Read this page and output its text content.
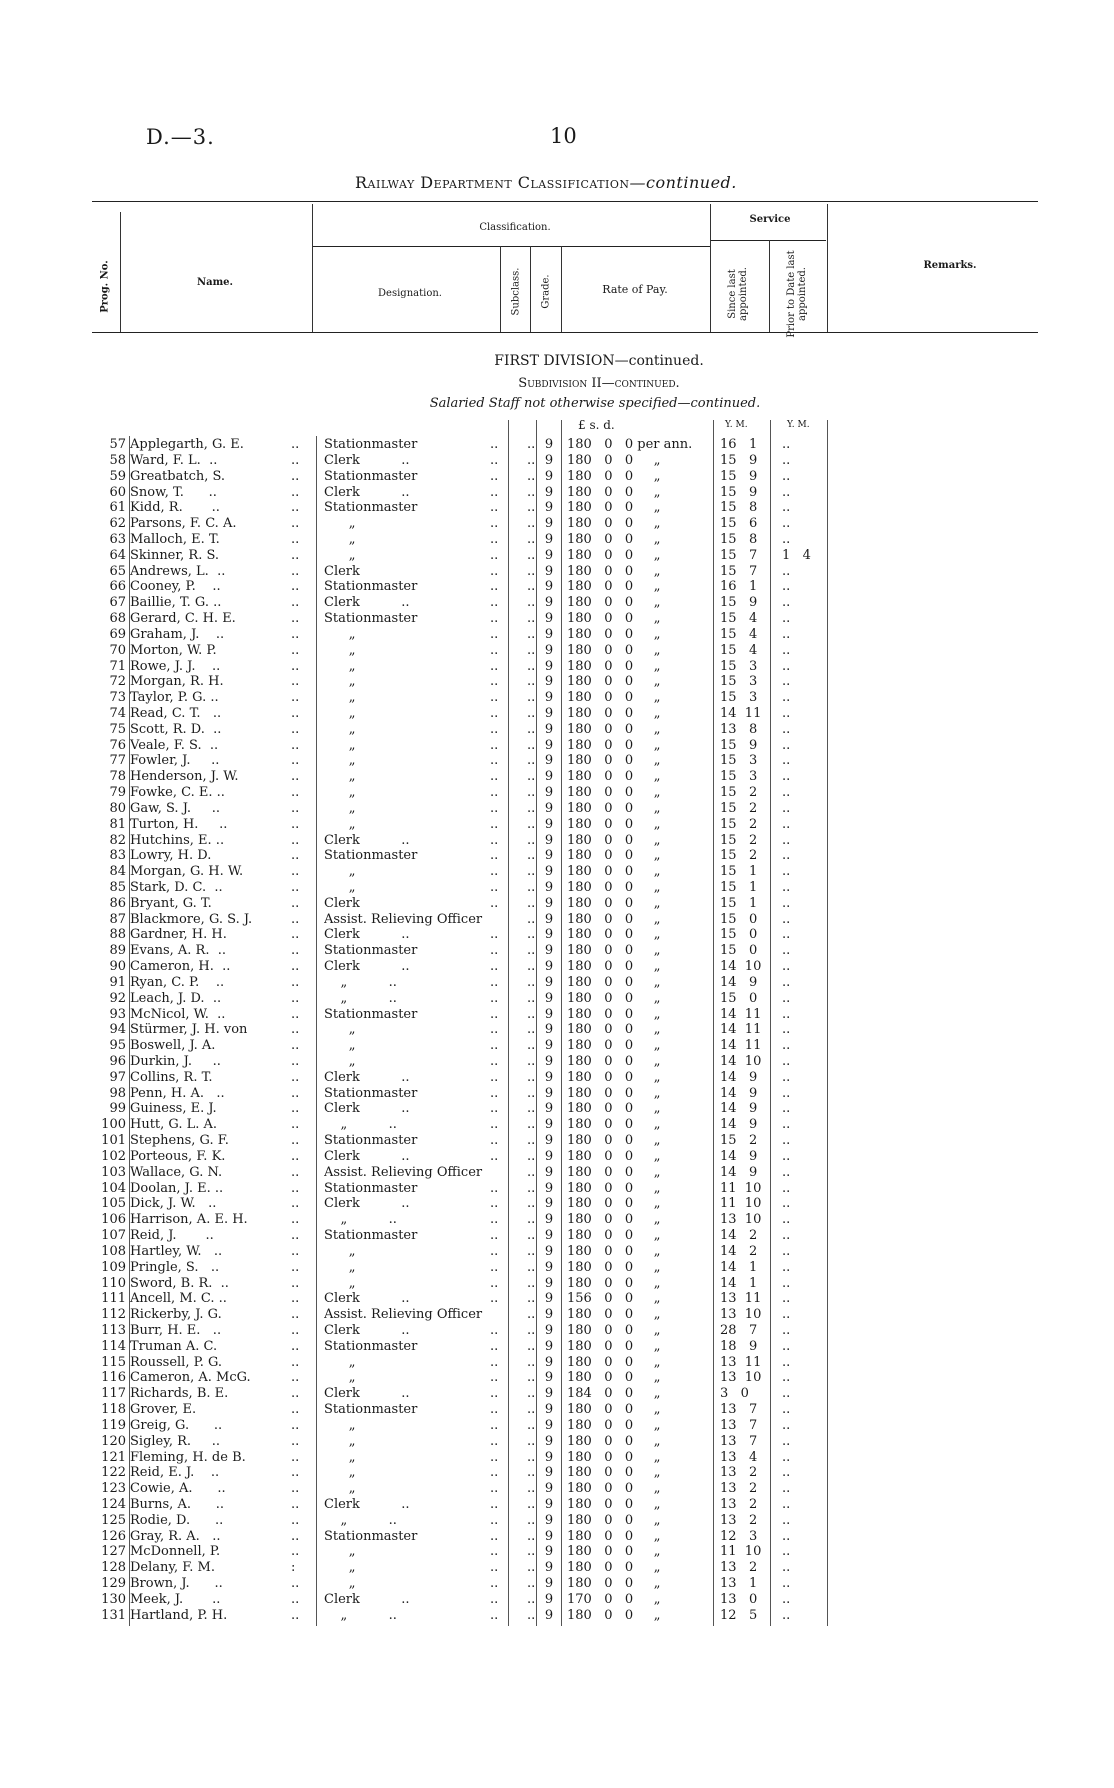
D.—3.	10
Railway Department Classification—continued.
Prog. No.	Name.
Classification.
Designation.	Subclass. Grade.	Rate of Pay.
Service
Since last appointed.	Prior to Date last appointed.
Remarks.
FIRST DIVISION—continued.
Subdivision II—continued.
Salaried Staff not otherwise specified—continued.
£ s. d.	Y. M.	Y. M.
57 Applegarth, G. E.	.. Stationmaster	.. .. 9 180   0   0 per ann.	16   1	..
58 Ward, F. L.  ..	.. Clerk          ..	.. .. 9 180   0   0     „	15   9	..
59 Greatbatch, S.	.. Stationmaster	.. .. 9 180   0   0     „	15   9	..
60 Snow, T.      ..	.. Clerk          ..	.. .. 9 180   0   0     „	15   9	..
61 Kidd, R.       ..	.. Stationmaster	.. .. 9 180   0   0     „	15   8	..
62 Parsons, F. C. A.	.. „	.. .. 9 180   0   0     „	15   6	..
63 Malloch, E. T.	.. „	.. .. 9 180   0   0     „	15   8	..
64 Skinner, R. S.	.. „	.. .. 9 180   0   0     „	15   7	1   4
65 Andrews, L.  ..	.. Clerk	.. .. 9 180   0   0     „	15   7	..
66 Cooney, P.    ..	.. Stationmaster	.. .. 9 180   0   0     „	16   1	..
67 Baillie, T. G. ..	.. Clerk          ..	.. .. 9 180   0   0     „	15   9	..
68 Gerard, C. H. E.	.. Stationmaster	.. .. 9 180   0   0     „	15   4	..
69 Graham, J.    ..	.. „	.. .. 9 180   0   0     „	15   4	..
70 Morton, W. P.	.. „	.. .. 9 180   0   0     „	15   4	..
71 Rowe, J. J.    ..	.. „	.. .. 9 180   0   0     „	15   3	..
72 Morgan, R. H.	.. „	.. .. 9 180   0   0     „	15   3	..
73 Taylor, P. G. ..	.. „	.. .. 9 180   0   0     „	15   3	..
74 Read, C. T.   ..	.. „	.. .. 9 180   0   0     „	14  11	..
75 Scott, R. D.  ..	.. „	.. .. 9 180   0   0     „	13   8	..
76 Veale, F. S.  ..	.. „	.. .. 9 180   0   0     „	15   9	..
77 Fowler, J.     ..	.. „	.. .. 9 180   0   0     „	15   3	..
78 Henderson, J. W.	.. „	.. .. 9 180   0   0     „	15   3	..
79 Fowke, C. E. ..	.. „	.. .. 9 180   0   0     „	15   2	..
80 Gaw, S. J.     ..	.. „	.. .. 9 180   0   0     „	15   2	..
81 Turton, H.     ..	.. „	.. .. 9 180   0   0     „	15   2	..
82 Hutchins, E. ..	.. Clerk          ..	.. .. 9 180   0   0     „	15   2	..
83 Lowry, H. D.	.. Stationmaster	.. .. 9 180   0   0     „	15   2	..
84 Morgan, G. H. W.	.. „	.. .. 9 180   0   0     „	15   1	..
85 Stark, D. C.  ..	.. „	.. .. 9 180   0   0     „	15   1	..
86 Bryant, G. T.	.. Clerk	.. .. 9 180   0   0     „	15   1	..
87 Blackmore, G. S. J.	.. Assist. Relieving Officer	.. 9 180   0   0     „	15   0	..
88 Gardner, H. H.	.. Clerk          ..	.. .. 9 180   0   0     „	15   0	..
89 Evans, A. R.  ..	.. Stationmaster	.. .. 9 180   0   0     „	15   0	..
90 Cameron, H.  ..	.. Clerk          ..	.. .. 9 180   0   0     „	14  10	..
91 Ryan, C. P.    ..	.. „          ..	.. .. 9 180   0   0     „	14   9	..
92 Leach, J. D.  ..	.. „          ..	.. .. 9 180   0   0     „	15   0	..
93 McNicol, W.  ..	.. Stationmaster	.. .. 9 180   0   0     „	14  11	..
94 Stürmer, J. H. von	.. „	.. .. 9 180   0   0     „	14  11	..
95 Boswell, J. A.	.. „	.. .. 9 180   0   0     „	14  11	..
96 Durkin, J.     ..	.. „	.. .. 9 180   0   0     „	14  10	..
97 Collins, R. T.	.. Clerk          ..	.. .. 9 180   0   0     „	14   9	..
98 Penn, H. A.   ..	.. Stationmaster	.. .. 9 180   0   0     „	14   9	..
99 Guiness, E. J.	.. Clerk          ..	.. .. 9 180   0   0     „	14   9	..
100 Hutt, G. L. A.	.. „          ..	.. .. 9 180   0   0     „	14   9	..
101 Stephens, G. F.	.. Stationmaster	.. .. 9 180   0   0     „	15   2	..
102 Porteous, F. K.	.. Clerk          ..	.. .. 9 180   0   0     „	14   9	..
103 Wallace, G. N.	.. Assist. Relieving Officer	.. 9 180   0   0     „	14   9	..
104 Doolan, J. E. ..	.. Stationmaster	.. .. 9 180   0   0     „	11  10	..
105 Dick, J. W.   ..	.. Clerk          ..	.. .. 9 180   0   0     „	11  10	..
106 Harrison, A. E. H.	.. „          ..	.. .. 9 180   0   0     „	13  10	..
107 Reid, J.       ..	.. Stationmaster	.. .. 9 180   0   0     „	14   2	..
108 Hartley, W.   ..	.. „	.. .. 9 180   0   0     „	14   2	..
109 Pringle, S.   ..	.. „	.. .. 9 180   0   0     „	14   1	..
110 Sword, B. R.  ..	.. „	.. .. 9 180   0   0     „	14   1	..
111 Ancell, M. C. ..	.. Clerk          ..	.. .. 9 156   0   0     „	13  11	..
112 Rickerby, J. G.	.. Assist. Relieving Officer	.. 9 180   0   0     „	13  10	..
113 Burr, H. E.   ..	.. Clerk          ..	.. .. 9 180   0   0     „	28   7	..
114 Truman A. C.	.. Stationmaster	.. .. 9 180   0   0     „	18   9	..
115 Roussell, P. G.	.. „	.. .. 9 180   0   0     „	13  11	..
116 Cameron, A. McG.	.. „	.. .. 9 180   0   0     „	13  10	..
117 Richards, B. E.	.. Clerk          ..	.. .. 9 184   0   0     „	3   0	..
118 Grover, E.	.. Stationmaster	.. .. 9 180   0   0     „	13   7	..
119 Greig, G.      ..	.. „	.. .. 9 180   0   0     „	13   7	..
120 Sigley, R.     ..	.. „	.. .. 9 180   0   0     „	13   7	..
121 Fleming, H. de B.	.. „	.. .. 9 180   0   0     „	13   4	..
122 Reid, E. J.    ..	.. „	.. .. 9 180   0   0     „	13   2	..
123 Cowie, A.      ..	.. „	.. .. 9 180   0   0     „	13   2	..
124 Burns, A.      ..	.. Clerk          ..	.. .. 9 180   0   0     „	13   2	..
125 Rodie, D.      ..	.. „          ..	.. .. 9 180   0   0     „	13   2	..
126 Gray, R. A.   ..	.. Stationmaster	.. .. 9 180   0   0     „	12   3	..
127 McDonnell, P.	.. „	.. .. 9 180   0   0     „	11  10	..
128 Delany, F. M.	: „	.. .. 9 180   0   0     „	13   2	..
129 Brown, J.      ..	.. „	.. .. 9 180   0   0     „	13   1	..
130 Meek, J.       ..	.. Clerk          ..	.. .. 9 170   0   0     „	13   0	..
131 Hartland, P. H.	.. „          ..	.. .. 9 180   0   0     „	12   5	..
